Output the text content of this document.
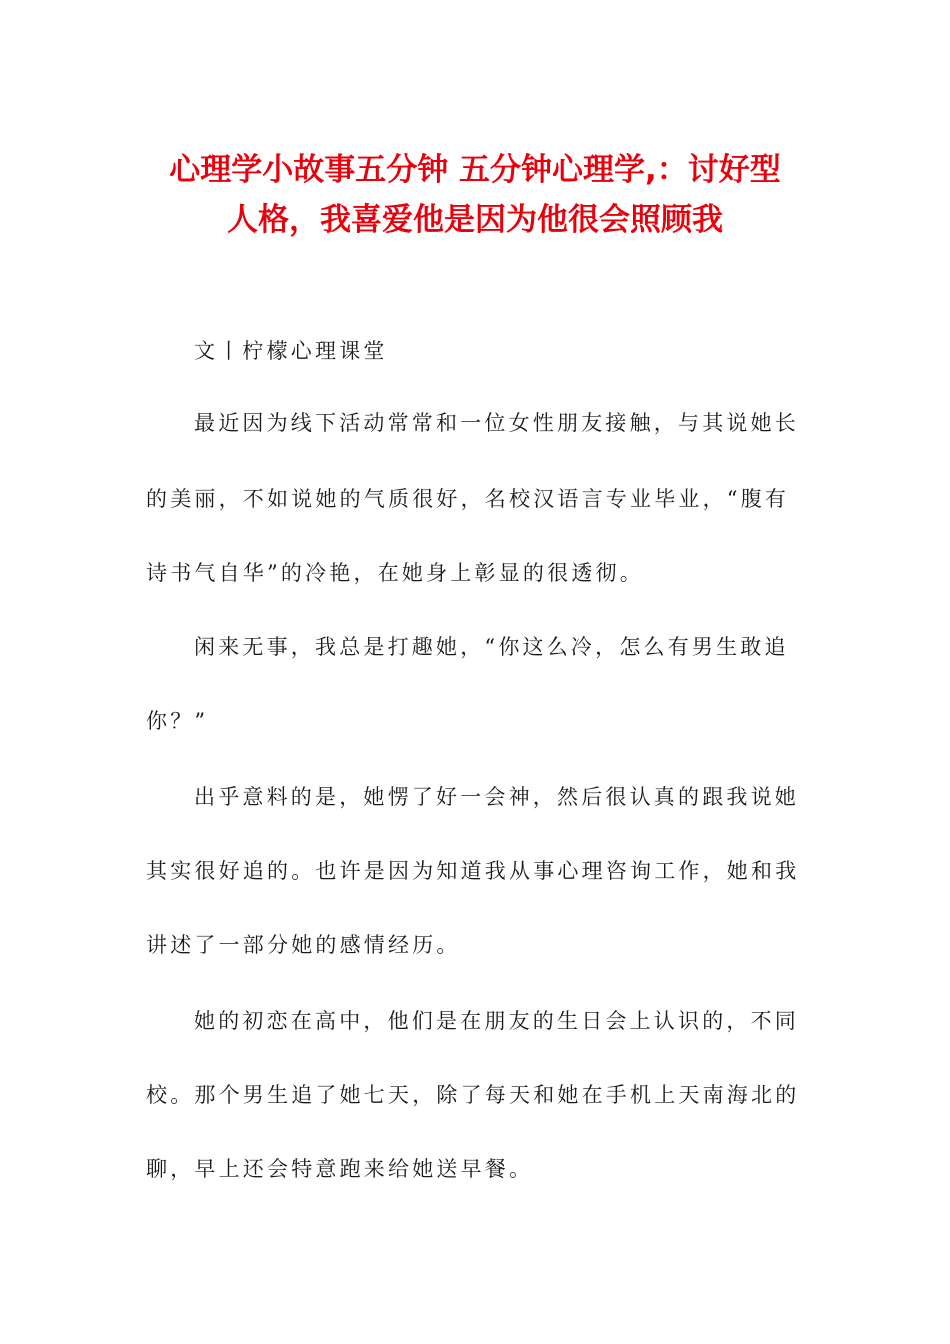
心理学小故事五分钟 五分钟心理学,：讨好型
人格，我喜爱他是因为他很会照顾我

文丨柠檬心理课堂

最近因为线下活动常常和一位女性朋友接触，与其说她长

的美丽，不如说她的气质很好，名校汉语言专业毕业，“腹有

诗书气自华”的冷艳，在她身上彰显的很透彻。

闲来无事，我总是打趣她，“你这么冷，怎么有男生敢追

你？”

出乎意料的是，她愣了好一会神，然后很认真的跟我说她

其实很好追的。也许是因为知道我从事心理咨询工作，她和我

讲述了一部分她的感情经历。

她的初恋在高中，他们是在朋友的生日会上认识的，不同

校。那个男生追了她七天，除了每天和她在手机上天南海北的

聊，早上还会特意跑来给她送早餐。
